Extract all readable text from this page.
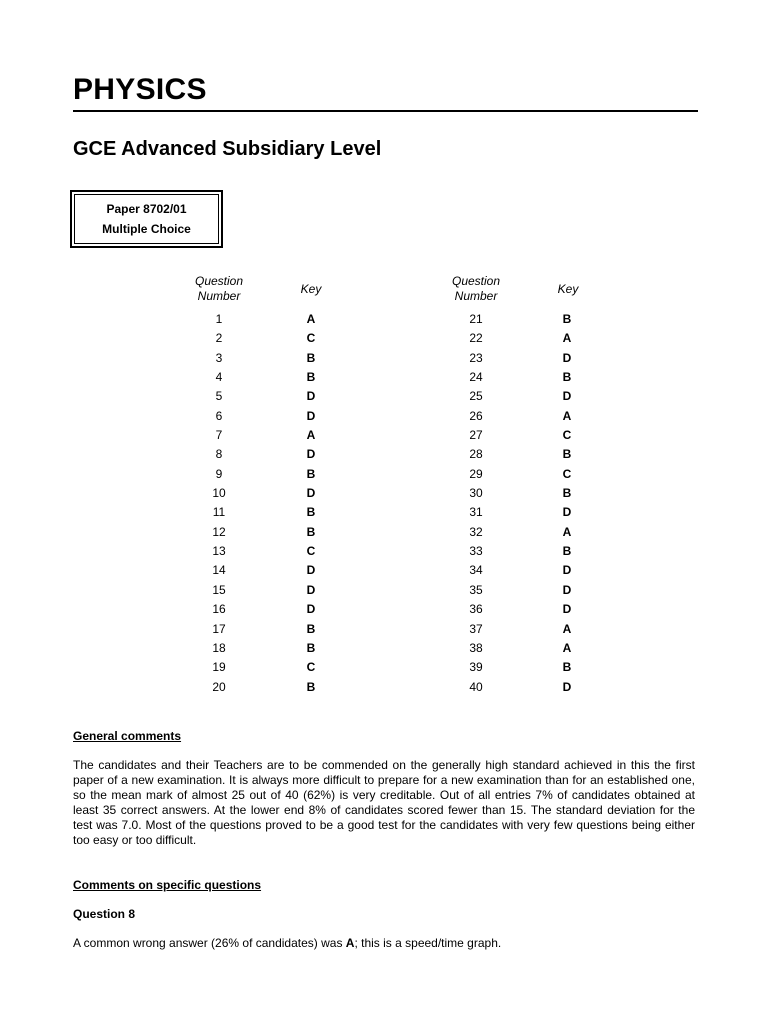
PHYSICS
GCE Advanced Subsidiary Level
Paper 8702/01
Multiple Choice
Question
Number	Key
Question
Number	Key
1
2
3
4
5
6
7
8
9
10
11
12
13
14
15
16
17
18
19
20
A
C
B
B
D
D
A
D
B
D
B
B
C
D
D
D
B
B
C
B
21
22
23
24
25
26
27
28
29
30
31
32
33
34
35
36
37
38
39
40
B
A
D
B
D
A
C
B
C
B
D
A
B
D
D
D
A
A
B
D
General comments
The candidates and their Teachers are to be commended on the generally high standard achieved in this the first paper of a new examination. It is always more difficult to prepare for a new examination than for an established one, so the mean mark of almost 25 out of 40 (62%) is very creditable. Out of all entries 7% of candidates obtained at least 35 correct answers. At the lower end 8% of candidates scored fewer than 15. The standard deviation for the test was 7.0. Most of the questions proved to be a good test for the candidates with very few questions being either too easy or too difficult.
Comments on specific questions
Question 8
A common wrong answer (26% of candidates) was A; this is a speed/time graph.
